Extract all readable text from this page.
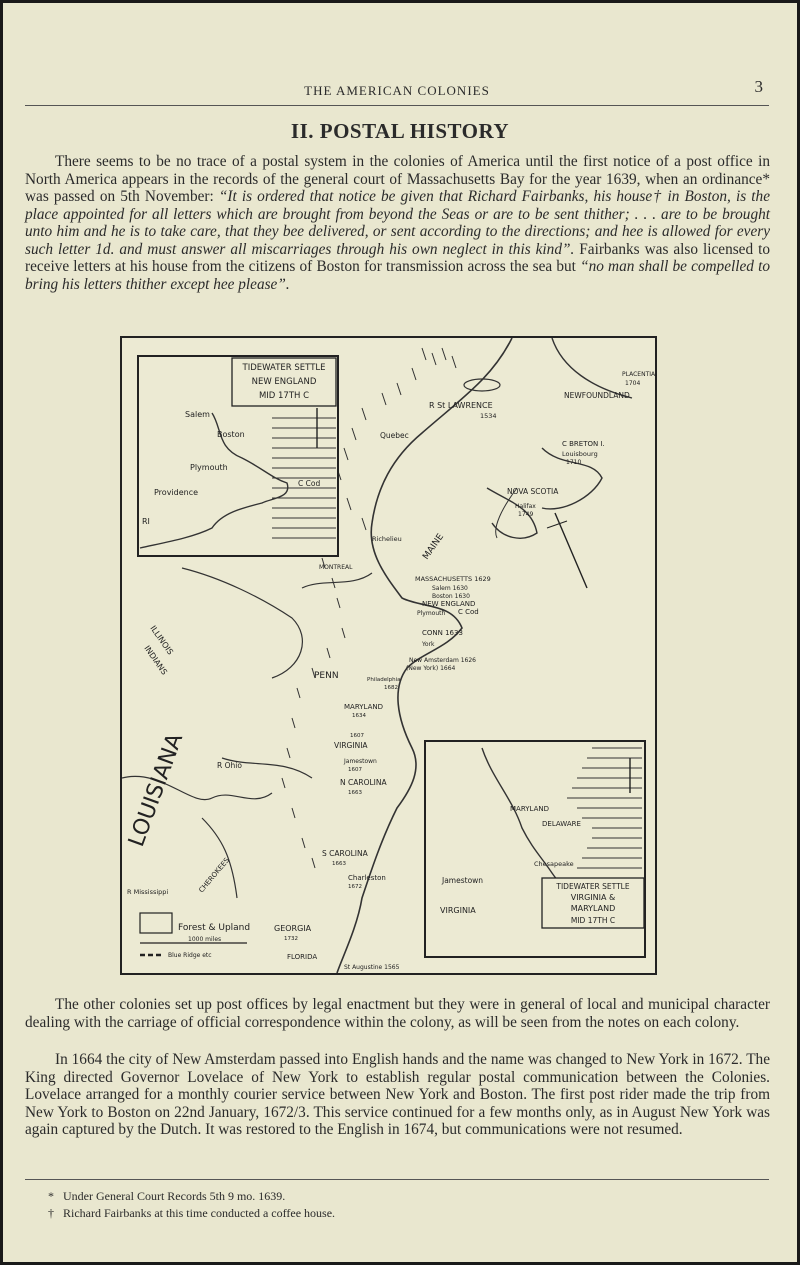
THE AMERICAN COLONIES	3
II. POSTAL HISTORY

There seems to be no trace of a postal system in the colonies of America until the first notice of a post office in North America appears in the records of the general court of Massachusetts Bay for the year 1639, when an ordinance* was passed on 5th November: “It is ordered that notice be given that Richard Fairbanks, his house† in Boston, is the place appointed for all letters which are brought from beyond the Seas or are to be sent thither; . . . are to be brought unto him and he is to take care, that they bee delivered, or sent according to the directions; and hee is allowed for every such letter 1d. and must answer all miscarriages through his own neglect in this kind”. Fairbanks was also licensed to receive letters at his house from the citizens of Boston for transmission across the sea but “no man shall be compelled to bring his letters thither except hee please”.

TIDEWATER SETTLE
NEW ENGLAND
MID 17TH C
Salem
Boston
Plymouth
Providence
RI
C Cod
R St LAWRENCE
1534
Quebec
PLACENTIA
1704
NEWFOUNDLAND
C BRETON I.
Louisbourg
1710
NOVA SCOTIA
Halifax
1749
Richelieu MAINE
MASSACHUSETTS 1629
Salem 1630
Boston 1630
NEW ENGLAND
Plymouth C Cod
CONN 1633
York
New Amsterdam 1626
(New York) 1664
Philadelphia
1682
PENN
MARYLAND
1634
VIRGINIA
1607
Jamestown
1607
N CAROLINA
1663
S CAROLINA
1663
Charleston
1672
GEORGIA
1732
FLORIDA
St Augustine 1565
R Ohio
R Mississippi
ILLINOIS
INDIANS
CHEROKEES
LOUISIANA
MONTREAL
Forest & Upland
1000 miles
Blue Ridge etc
MARYLAND
DELAWARE
Chesapeake
Jamestown
VIRGINIA
TIDEWATER SETTLE
VIRGINIA &
MARYLAND
MID 17TH C

The other colonies set up post offices by legal enactment but they were in general of local and municipal character dealing with the carriage of official correspondence within the colony, as will be seen from the notes on each colony.

In 1664 the city of New Amsterdam passed into English hands and the name was changed to New York in 1672. The King directed Governor Lovelace of New York to establish regular postal communication between the Colonies. Lovelace arranged for a monthly courier service between New York and Boston. The first post rider made the trip from New York to Boston on 22nd January, 1672/3. This service continued for a few months only, as in August New York was again captured by the Dutch. It was restored to the English in 1674, but communications were not resumed.

* Under General Court Records 5th 9 mo. 1639.
† Richard Fairbanks at this time conducted a coffee house.
